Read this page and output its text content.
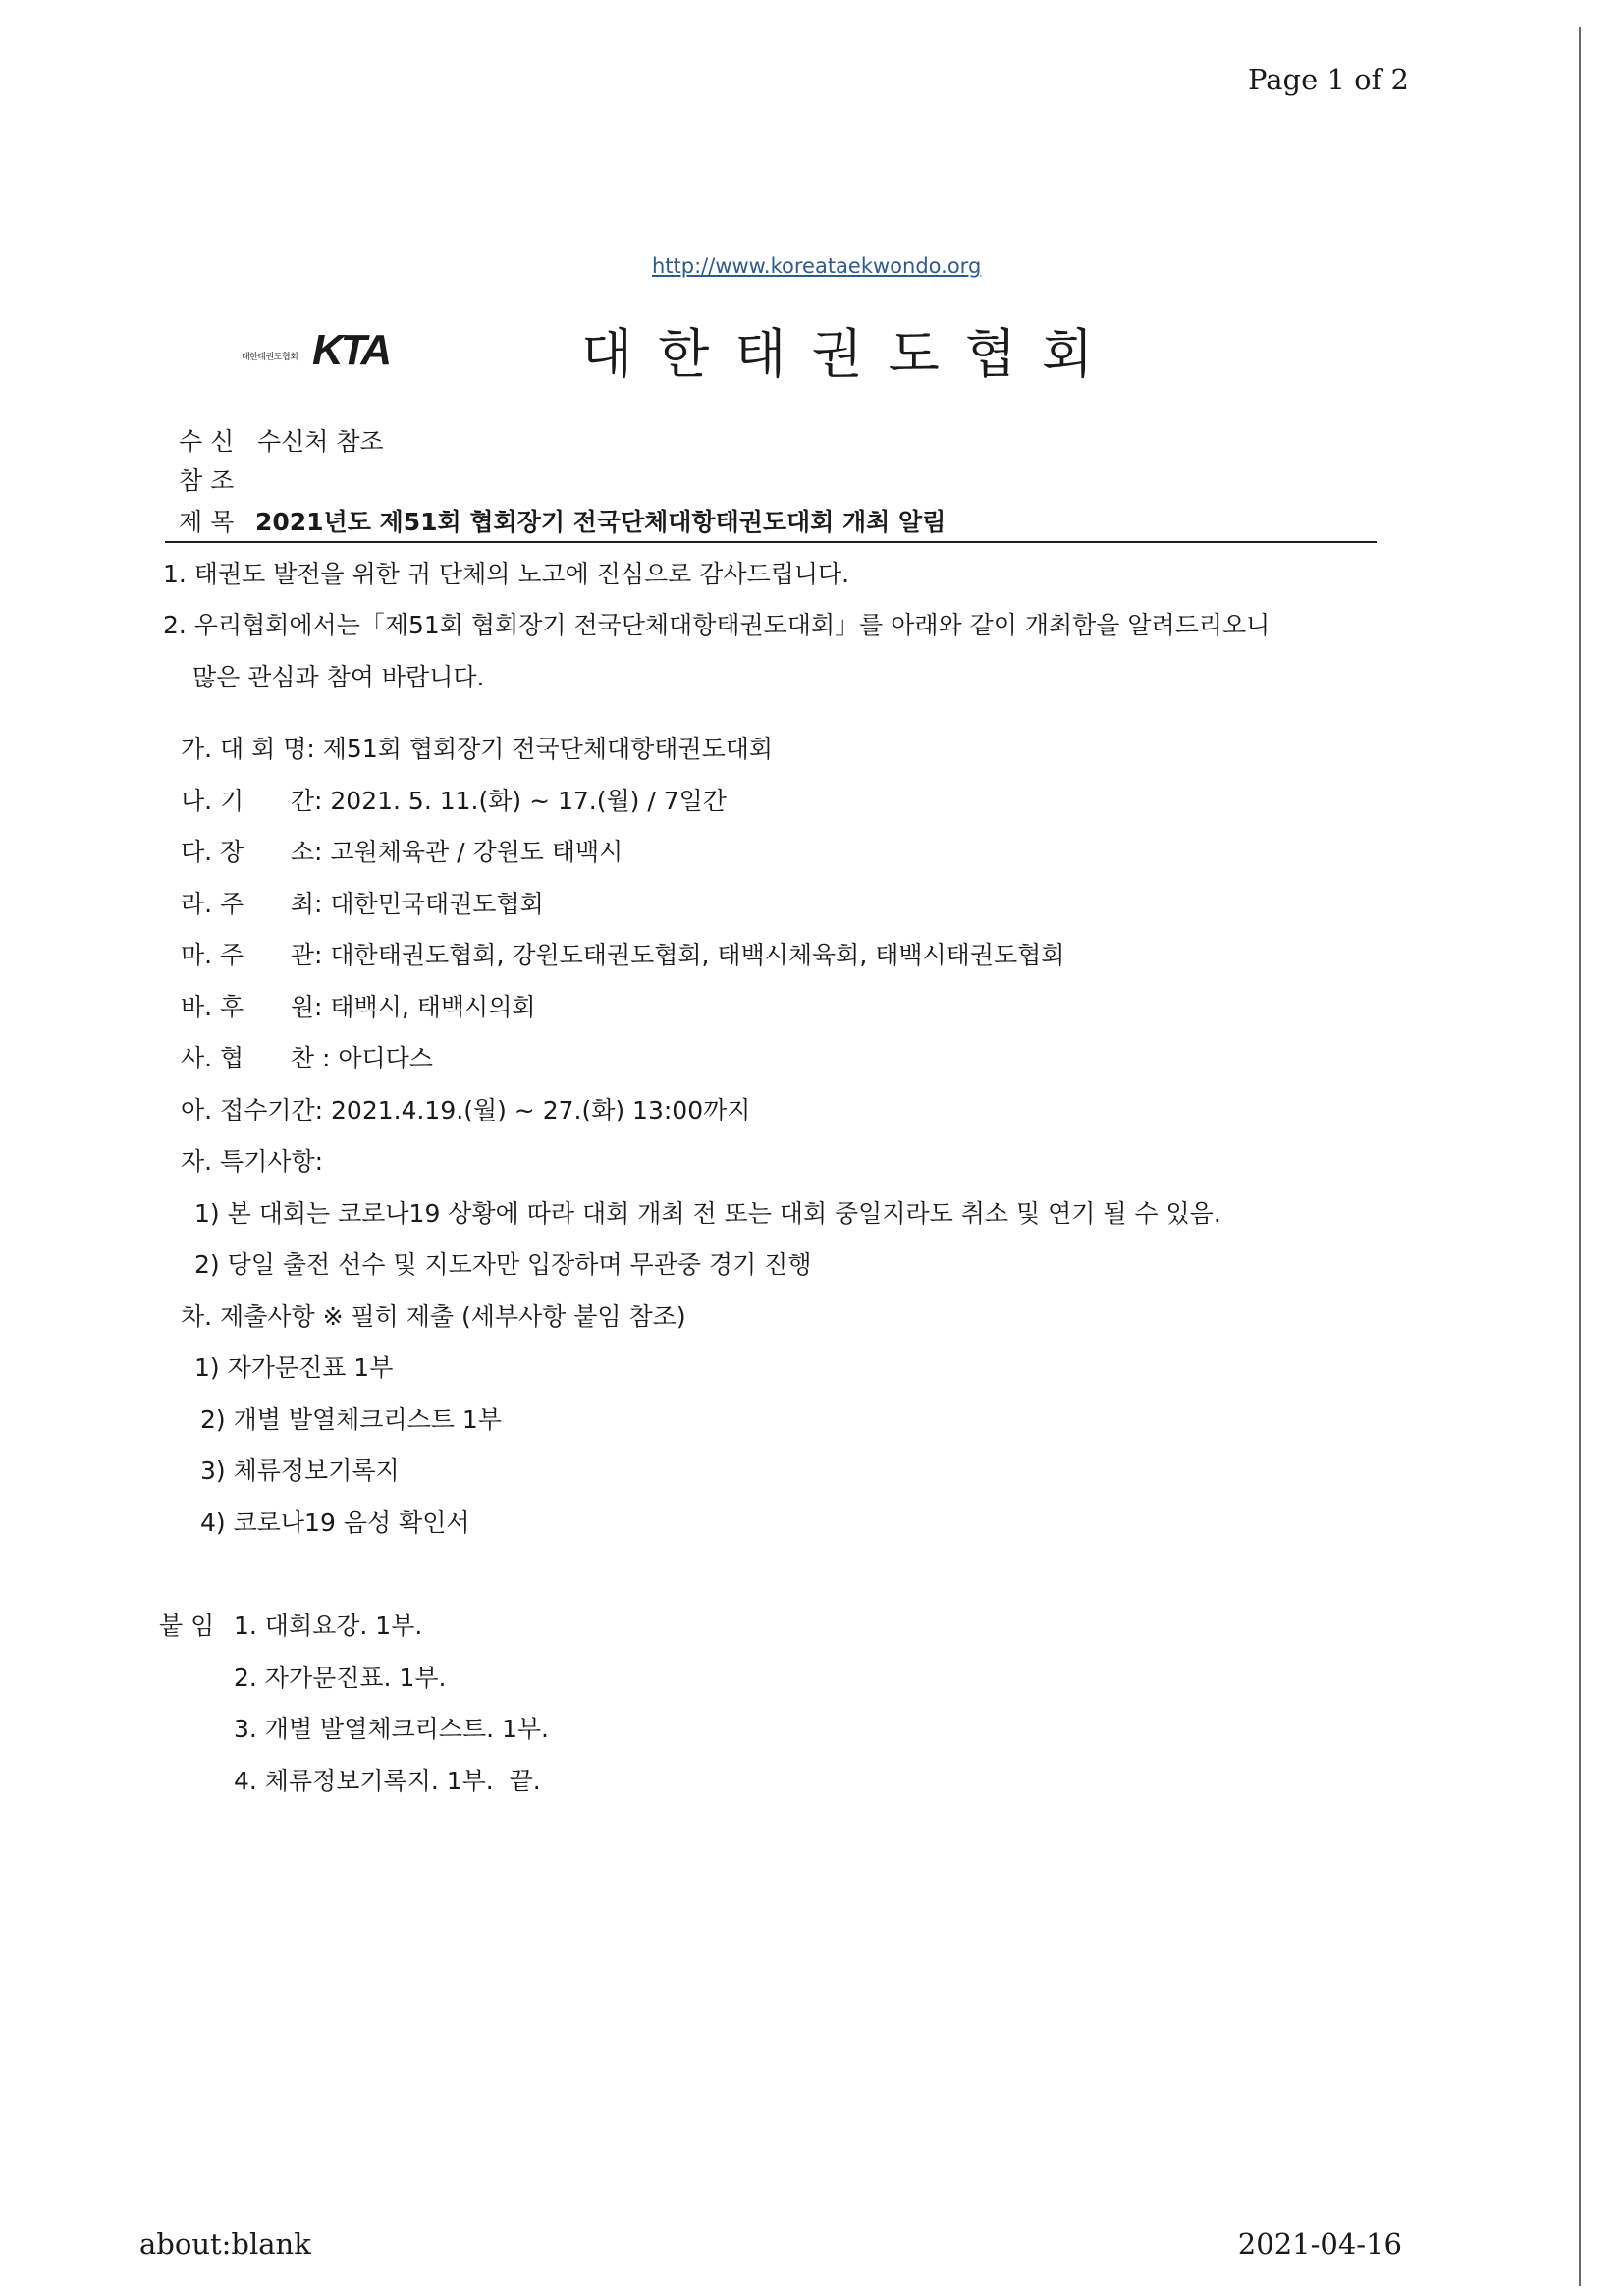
Page 1 of 2
http://www.koreataekwondo.org
대한태권도협회 KTA	대한태권도협회
수 신 수신처 참조
참 조
제 목 2021년도 제51회 협회장기 전국단체대항태권도대회 개최 알림
1. 태권도 발전을 위한 귀 단체의 노고에 진심으로 감사드립니다.
2. 우리협회에서는「제51회 협회장기 전국단체대항태권도대회」를 아래와 같이 개최함을 알려드리오니
많은 관심과 참여 바랍니다.
가. 대 회 명: 제51회 협회장기 전국단체대항태권도대회
나. 기      간: 2021. 5. 11.(화) ~ 17.(월) / 7일간
다. 장      소: 고원체육관 / 강원도 태백시
라. 주      최: 대한민국태권도협회
마. 주      관: 대한태권도협회, 강원도태권도협회, 태백시체육회, 태백시태권도협회
바. 후      원: 태백시, 태백시의회
사. 협      찬 : 아디다스
아. 접수기간: 2021.4.19.(월) ~ 27.(화) 13:00까지
자. 특기사항:
1) 본 대회는 코로나19 상황에 따라 대회 개최 전 또는 대회 중일지라도 취소 및 연기 될 수 있음.
2) 당일 출전 선수 및 지도자만 입장하며 무관중 경기 진행
차. 제출사항 ※ 필히 제출 (세부사항 붙임 참조)
1) 자가문진표 1부
2) 개별 발열체크리스트 1부
3) 체류정보기록지
4) 코로나19 음성 확인서
붙 임 1. 대회요강. 1부.
2. 자가문진표. 1부.
3. 개별 발열체크리스트. 1부.
4. 체류정보기록지. 1부.  끝.
about:blank	2021-04-16
